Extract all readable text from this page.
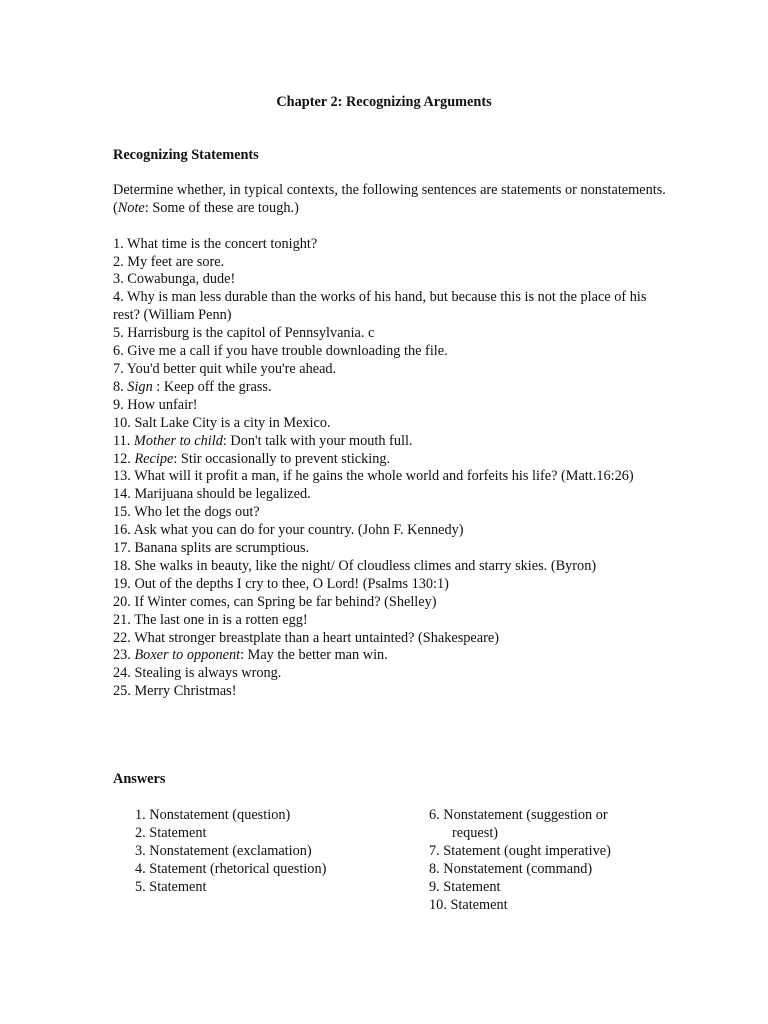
Chapter 2: Recognizing Arguments
Recognizing Statements

Determine whether, in typical contexts, the following sentences are statements or nonstatements. (Note: Some of these are tough.)

1. What time is the concert tonight?
2. My feet are sore.
3. Cowabunga, dude!
4. Why is man less durable than the works of his hand, but because this is not the place of his rest? (William Penn)
5. Harrisburg is the capitol of Pennsylvania. c
6. Give me a call if you have trouble downloading the file.
7. You'd better quit while you're ahead.
8. Sign : Keep off the grass.
9. How unfair!
10. Salt Lake City is a city in Mexico.
11. Mother to child: Don't talk with your mouth full.
12. Recipe: Stir occasionally to prevent sticking.
13. What will it profit a man, if he gains the whole world and forfeits his life? (Matt.16:26)
14. Marijuana should be legalized.
15. Who let the dogs out?
16. Ask what you can do for your country. (John F. Kennedy)
17. Banana splits are scrumptious.
18. She walks in beauty, like the night/ Of cloudless climes and starry skies. (Byron)
19. Out of the depths I cry to thee, O Lord! (Psalms 130:1)
20. If Winter comes, can Spring be far behind? (Shelley)
21. The last one in is a rotten egg!
22. What stronger breastplate than a heart untainted? (Shakespeare)
23. Boxer to opponent: May the better man win.
24. Stealing is always wrong.
25. Merry Christmas!
Answers
1. Nonstatement (question)
2. Statement
3. Nonstatement (exclamation)
4. Statement (rhetorical question)
5. Statement
6. Nonstatement (suggestion or
request)
7. Statement (ought imperative)
8. Nonstatement (command)
9. Statement
10. Statement
